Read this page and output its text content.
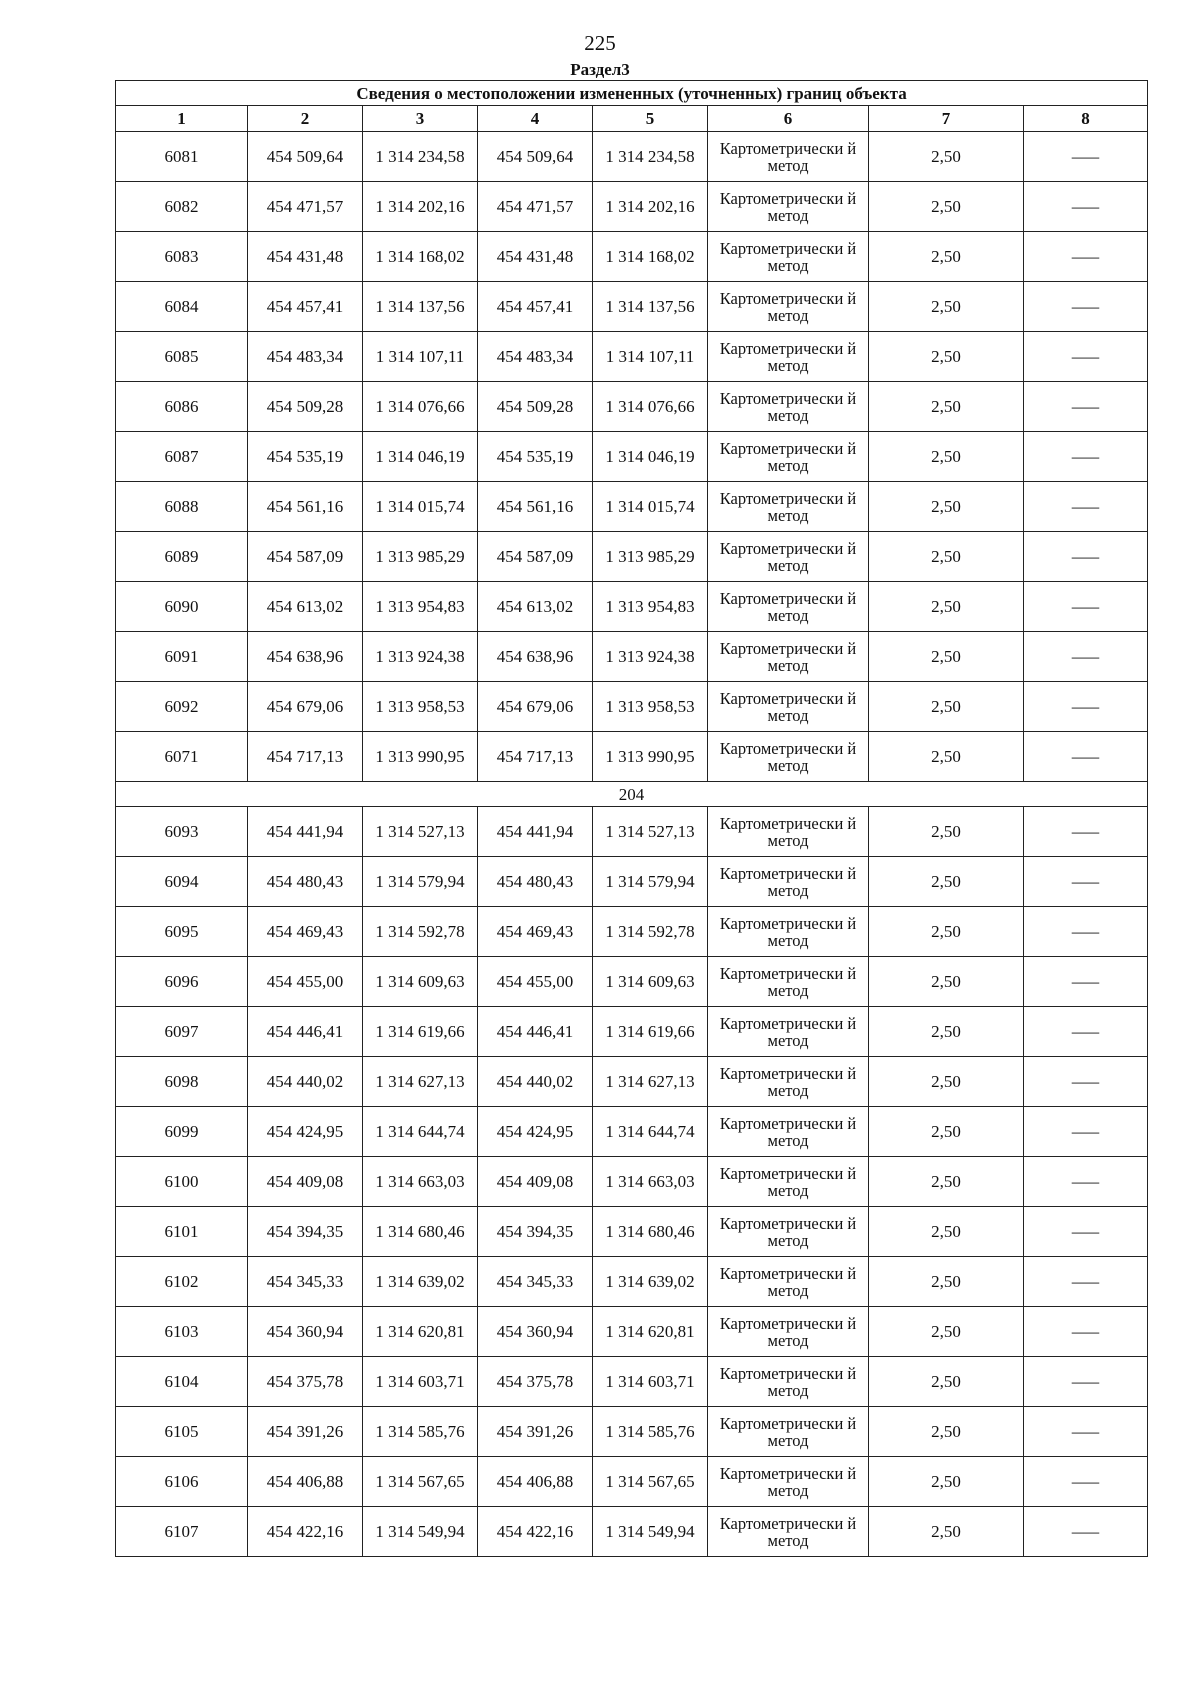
225
Раздел3
Сведения о местоположении измененных (уточненных) границ объекта							
1	2	3	4	5	6	7	8
6081	454 509,64	1 314 234,58	454 509,64	1 314 234,58	Картометрически й метод	2,50	—
6082	454 471,57	1 314 202,16	454 471,57	1 314 202,16	Картометрически й метод	2,50	—
6083	454 431,48	1 314 168,02	454 431,48	1 314 168,02	Картометрически й метод	2,50	—
6084	454 457,41	1 314 137,56	454 457,41	1 314 137,56	Картометрически й метод	2,50	—
6085	454 483,34	1 314 107,11	454 483,34	1 314 107,11	Картометрически й метод	2,50	—
6086	454 509,28	1 314 076,66	454 509,28	1 314 076,66	Картометрически й метод	2,50	—
6087	454 535,19	1 314 046,19	454 535,19	1 314 046,19	Картометрически й метод	2,50	—
6088	454 561,16	1 314 015,74	454 561,16	1 314 015,74	Картометрически й метод	2,50	—
6089	454 587,09	1 313 985,29	454 587,09	1 313 985,29	Картометрически й метод	2,50	—
6090	454 613,02	1 313 954,83	454 613,02	1 313 954,83	Картометрически й метод	2,50	—
6091	454 638,96	1 313 924,38	454 638,96	1 313 924,38	Картометрически й метод	2,50	—
6092	454 679,06	1 313 958,53	454 679,06	1 313 958,53	Картометрически й метод	2,50	—
6071	454 717,13	1 313 990,95	454 717,13	1 313 990,95	Картометрически й метод	2,50	—
204							
6093	454 441,94	1 314 527,13	454 441,94	1 314 527,13	Картометрически й метод	2,50	—
6094	454 480,43	1 314 579,94	454 480,43	1 314 579,94	Картометрически й метод	2,50	—
6095	454 469,43	1 314 592,78	454 469,43	1 314 592,78	Картометрически й метод	2,50	—
6096	454 455,00	1 314 609,63	454 455,00	1 314 609,63	Картометрически й метод	2,50	—
6097	454 446,41	1 314 619,66	454 446,41	1 314 619,66	Картометрически й метод	2,50	—
6098	454 440,02	1 314 627,13	454 440,02	1 314 627,13	Картометрически й метод	2,50	—
6099	454 424,95	1 314 644,74	454 424,95	1 314 644,74	Картометрически й метод	2,50	—
6100	454 409,08	1 314 663,03	454 409,08	1 314 663,03	Картометрически й метод	2,50	—
6101	454 394,35	1 314 680,46	454 394,35	1 314 680,46	Картометрически й метод	2,50	—
6102	454 345,33	1 314 639,02	454 345,33	1 314 639,02	Картометрически й метод	2,50	—
6103	454 360,94	1 314 620,81	454 360,94	1 314 620,81	Картометрически й метод	2,50	—
6104	454 375,78	1 314 603,71	454 375,78	1 314 603,71	Картометрически й метод	2,50	—
6105	454 391,26	1 314 585,76	454 391,26	1 314 585,76	Картометрически й метод	2,50	—
6106	454 406,88	1 314 567,65	454 406,88	1 314 567,65	Картометрически й метод	2,50	—
6107	454 422,16	1 314 549,94	454 422,16	1 314 549,94	Картометрически й метод	2,50	—
